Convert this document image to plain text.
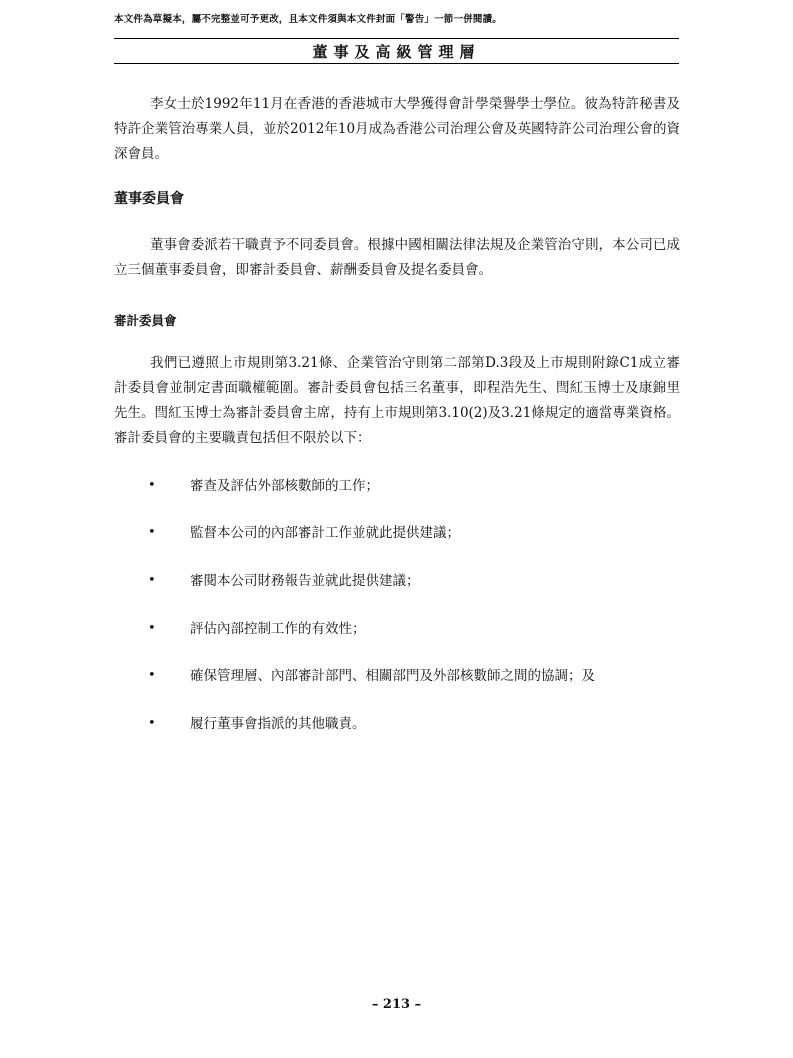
本文件為草擬本，屬不完整並可予更改，且本文件須與本文件封面「警告」一節一併閱讀。
董事及高級管理層

李女士於1992年11月在香港的香港城市大學獲得會計學榮譽學士學位。彼為特許秘書及特許企業管治專業人員，並於2012年10月成為香港公司治理公會及英國特許公司治理公會的資深會員。

董事委員會

董事會委派若干職責予不同委員會。根據中國相關法律法規及企業管治守則，本公司已成立三個董事委員會，即審計委員會、薪酬委員會及提名委員會。

審計委員會

我們已遵照上市規則第3.21條、企業管治守則第二部第D.3段及上市規則附錄C1成立審計委員會並制定書面職權範圍。審計委員會包括三名董事，即程浩先生、閆紅玉博士及康錦里先生。閆紅玉博士為審計委員會主席，持有上市規則第3.10(2)及3.21條規定的適當專業資格。審計委員會的主要職責包括但不限於以下：

•	審查及評估外部核數師的工作；
•	監督本公司的內部審計工作並就此提供建議；
•	審閱本公司財務報告並就此提供建議；
•	評估內部控制工作的有效性；
•	確保管理層、內部審計部門、相關部門及外部核數師之間的協調；及
•	履行董事會指派的其他職責。
– 213 –
